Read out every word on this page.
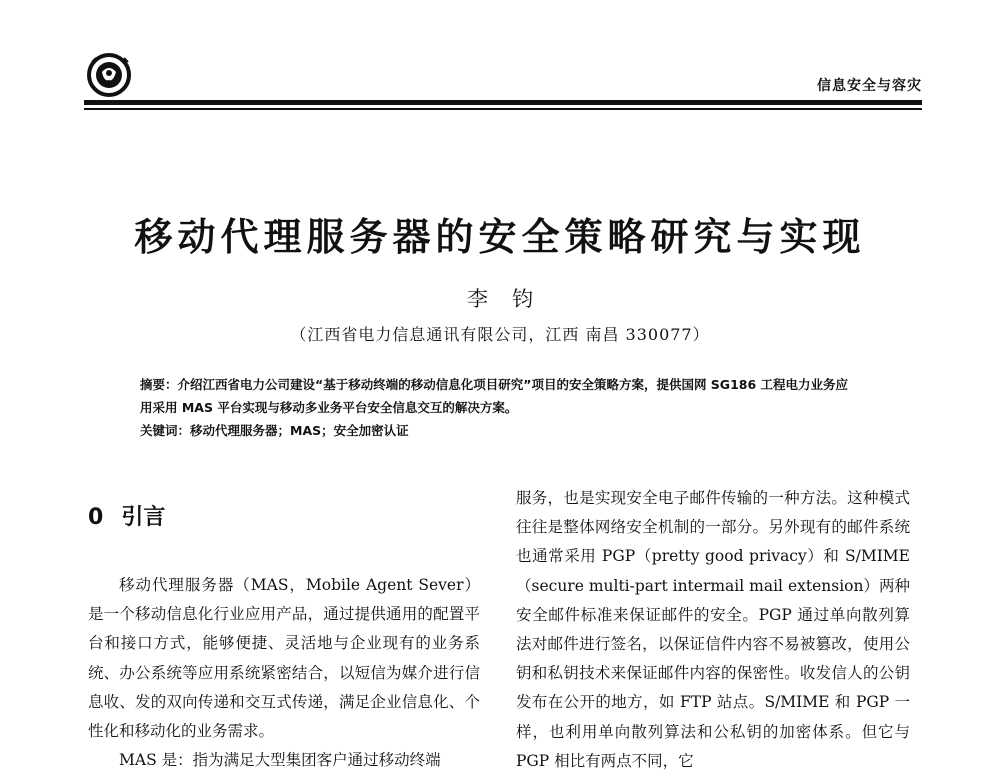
信息安全与容灾
移动代理服务器的安全策略研究与实现
李钧
（江西省电力信息通讯有限公司，江西 南昌 330077）

摘要：介绍江西省电力公司建设“基于移动终端的移动信息化项目研究”项目的安全策略方案，提供国网 SG186 工程电力业务应用采用 MAS 平台实现与移动多业务平台安全信息交互的解决方案。

关键词：移动代理服务器；MAS；安全加密认证

0 引言

移动代理服务器（MAS，Mobile Agent Sever）是一个移动信息化行业应用产品，通过提供通用的配置平台和接口方式，能够便捷、灵活地与企业现有的业务系统、办公系统等应用系统紧密结合，以短信为媒介进行信息收、发的双向传递和交互式传递，满足企业信息化、个性化和移动化的业务需求。

MAS 是：指为满足大型集团客户通过移动终端

服务，也是实现安全电子邮件传输的一种方法。这种模式往往是整体网络安全机制的一部分。另外现有的邮件系统也通常采用 PGP（pretty good privacy）和 S/MIME（secure multi-part intermail mail extension）两种安全邮件标准来保证邮件的安全。PGP 通过单向散列算法对邮件进行签名，以保证信件内容不易被篡改，使用公钥和私钥技术来保证邮件内容的保密性。收发信人的公钥发布在公开的地方，如 FTP 站点。S/MIME 和 PGP 一样，也利用单向散列算法和公私钥的加密体系。但它与 PGP 相比有两点不同，它
